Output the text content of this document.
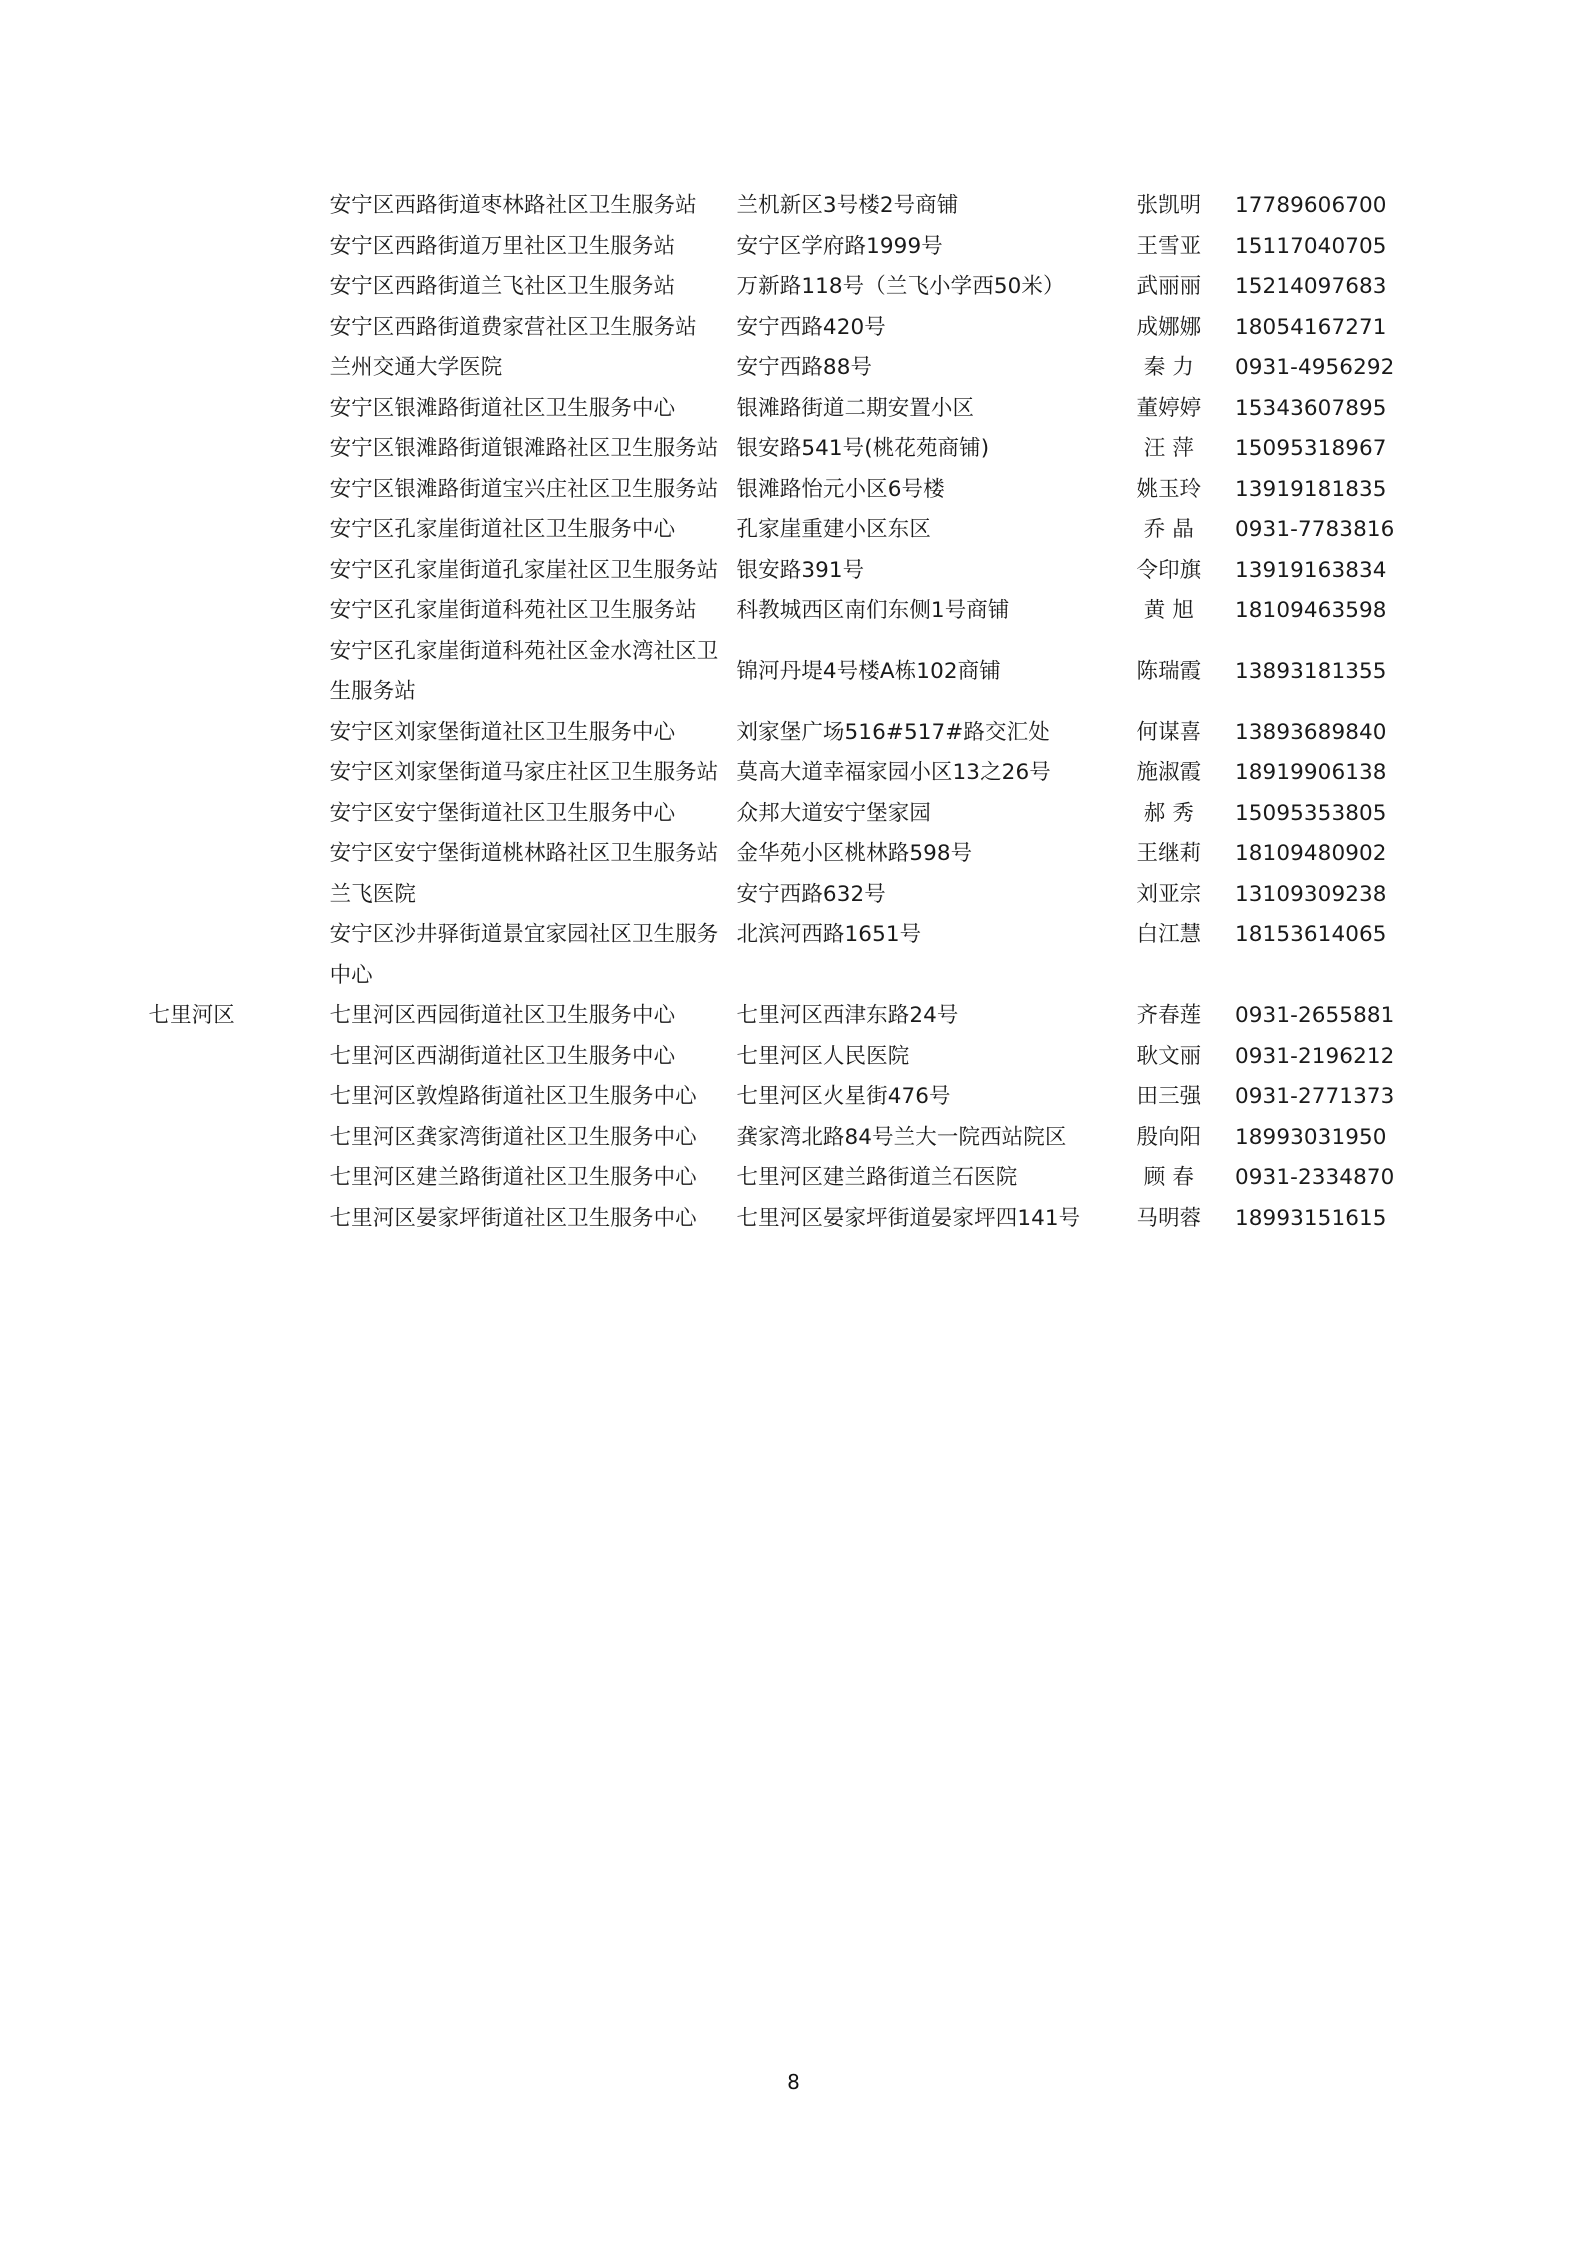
	安宁区西路街道枣林路社区卫生服务站	兰机新区3号楼2号商铺	张凯明	17789606700
	安宁区西路街道万里社区卫生服务站	安宁区学府路1999号	王雪亚	15117040705
	安宁区西路街道兰飞社区卫生服务站	万新路118号（兰飞小学西50米）	武丽丽	15214097683
	安宁区西路街道费家营社区卫生服务站	安宁西路420号	成娜娜	18054167271
	兰州交通大学医院	安宁西路88号	秦 力	0931-4956292
	安宁区银滩路街道社区卫生服务中心	银滩路街道二期安置小区	董婷婷	15343607895
	安宁区银滩路街道银滩路社区卫生服务站	银安路541号(桃花苑商铺)	汪 萍	15095318967
	安宁区银滩路街道宝兴庄社区卫生服务站	银滩路怡元小区6号楼	姚玉玲	13919181835
	安宁区孔家崖街道社区卫生服务中心	孔家崖重建小区东区	乔 晶	0931-7783816
	安宁区孔家崖街道孔家崖社区卫生服务站	银安路391号	令印旗	13919163834
	安宁区孔家崖街道科苑社区卫生服务站	科教城西区南们东侧1号商铺	黄 旭	18109463598
	安宁区孔家崖街道科苑社区金水湾社区卫生服务站	锦河丹堤4号楼A栋102商铺	陈瑞霞	13893181355
	安宁区刘家堡街道社区卫生服务中心	刘家堡广场516#517#路交汇处	何谋喜	13893689840
	安宁区刘家堡街道马家庄社区卫生服务站	莫高大道幸福家园小区13之26号	施淑霞	18919906138
	安宁区安宁堡街道社区卫生服务中心	众邦大道安宁堡家园	郝 秀	15095353805
	安宁区安宁堡街道桃林路社区卫生服务站	金华苑小区桃林路598号	王继莉	18109480902
	兰飞医院	安宁西路632号	刘亚宗	13109309238
	安宁区沙井驿街道景宜家园社区卫生服务中心	北滨河西路1651号	白江慧	18153614065
七里河区	七里河区西园街道社区卫生服务中心	七里河区西津东路24号	齐春莲	0931-2655881
	七里河区西湖街道社区卫生服务中心	七里河区人民医院	耿文丽	0931-2196212
	七里河区敦煌路街道社区卫生服务中心	七里河区火星街476号	田三强	0931-2771373
	七里河区龚家湾街道社区卫生服务中心	龚家湾北路84号兰大一院西站院区	殷向阳	18993031950
	七里河区建兰路街道社区卫生服务中心	七里河区建兰路街道兰石医院	顾 春	0931-2334870
	七里河区晏家坪街道社区卫生服务中心	七里河区晏家坪街道晏家坪四141号	马明蓉	18993151615
8
